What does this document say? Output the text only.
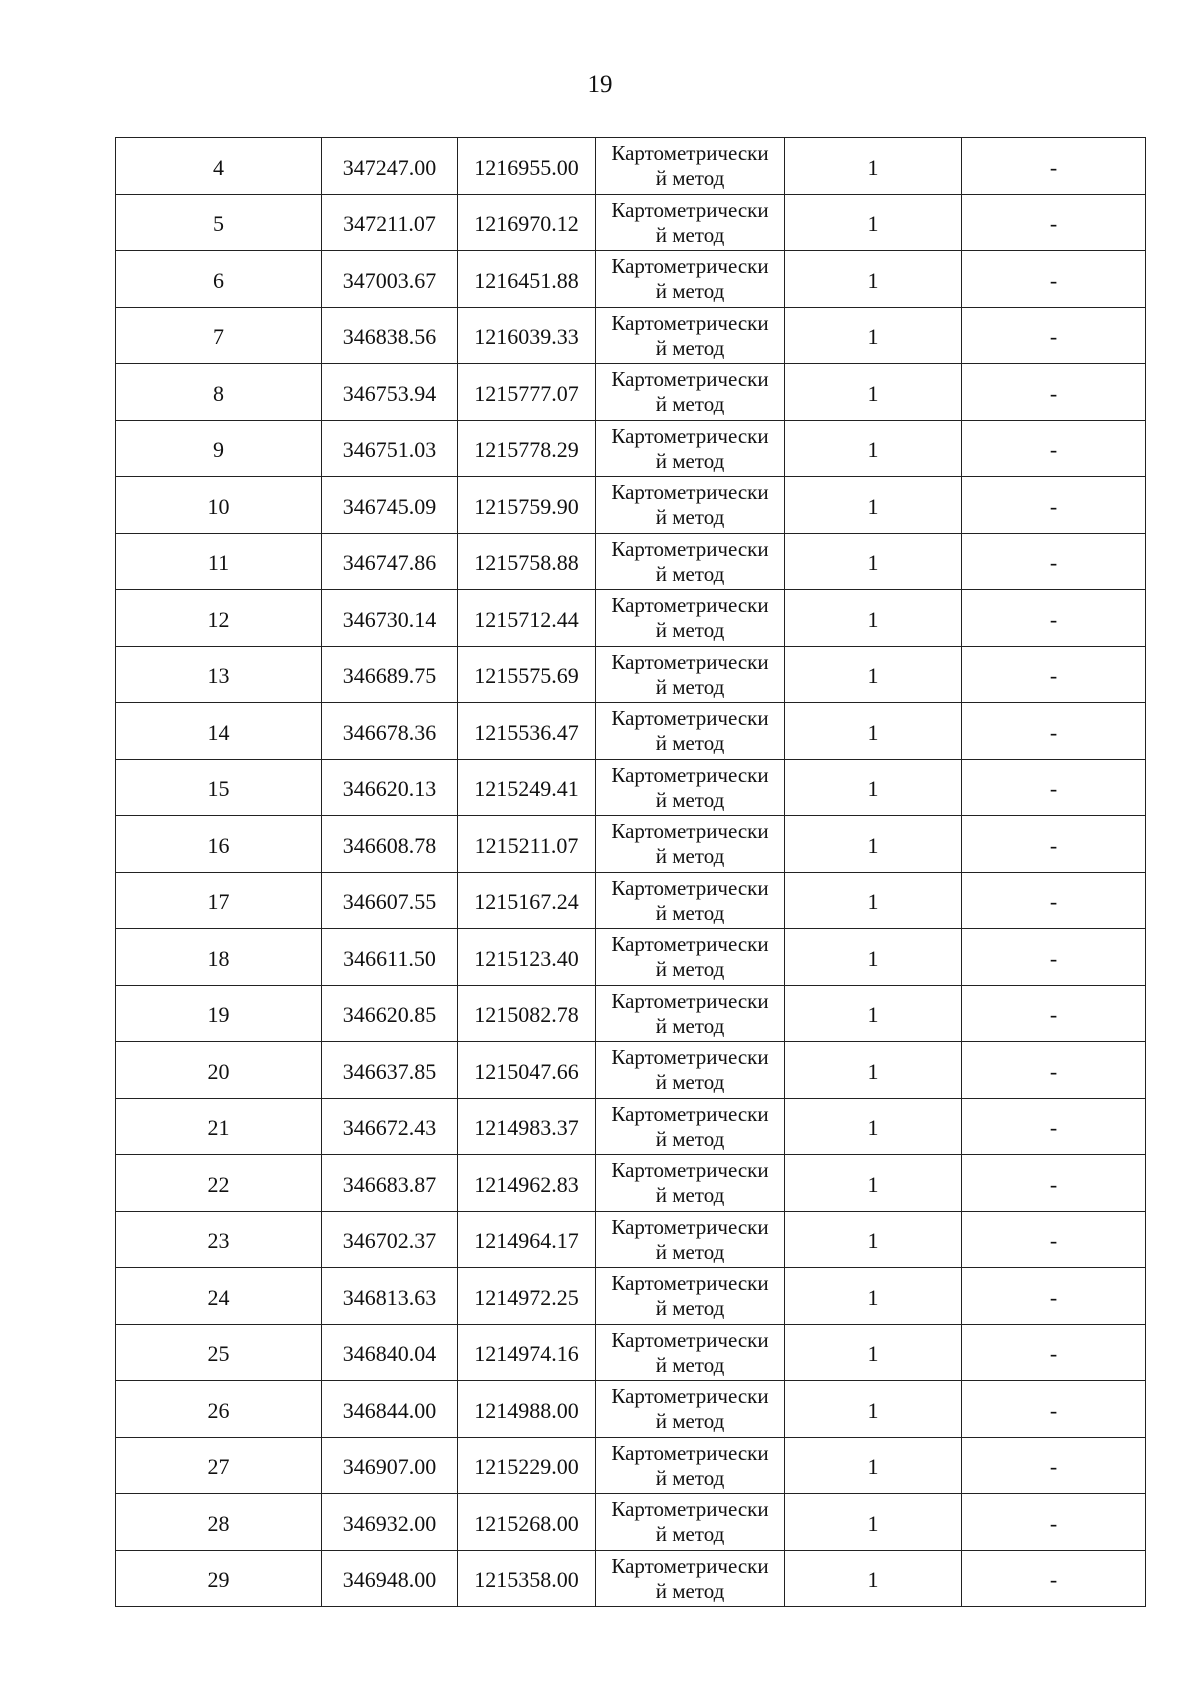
19
4	347247.00	1216955.00	Картометрически
й метод	1	-
5	347211.07	1216970.12	Картометрически
й метод	1	-
6	347003.67	1216451.88	Картометрически
й метод	1	-
7	346838.56	1216039.33	Картометрически
й метод	1	-
8	346753.94	1215777.07	Картометрически
й метод	1	-
9	346751.03	1215778.29	Картометрически
й метод	1	-
10	346745.09	1215759.90	Картометрически
й метод	1	-
11	346747.86	1215758.88	Картометрически
й метод	1	-
12	346730.14	1215712.44	Картометрически
й метод	1	-
13	346689.75	1215575.69	Картометрически
й метод	1	-
14	346678.36	1215536.47	Картометрически
й метод	1	-
15	346620.13	1215249.41	Картометрически
й метод	1	-
16	346608.78	1215211.07	Картометрически
й метод	1	-
17	346607.55	1215167.24	Картометрически
й метод	1	-
18	346611.50	1215123.40	Картометрически
й метод	1	-
19	346620.85	1215082.78	Картометрически
й метод	1	-
20	346637.85	1215047.66	Картометрически
й метод	1	-
21	346672.43	1214983.37	Картометрически
й метод	1	-
22	346683.87	1214962.83	Картометрически
й метод	1	-
23	346702.37	1214964.17	Картометрически
й метод	1	-
24	346813.63	1214972.25	Картометрически
й метод	1	-
25	346840.04	1214974.16	Картометрически
й метод	1	-
26	346844.00	1214988.00	Картометрически
й метод	1	-
27	346907.00	1215229.00	Картометрически
й метод	1	-
28	346932.00	1215268.00	Картометрически
й метод	1	-
29	346948.00	1215358.00	Картометрически
й метод	1	-
